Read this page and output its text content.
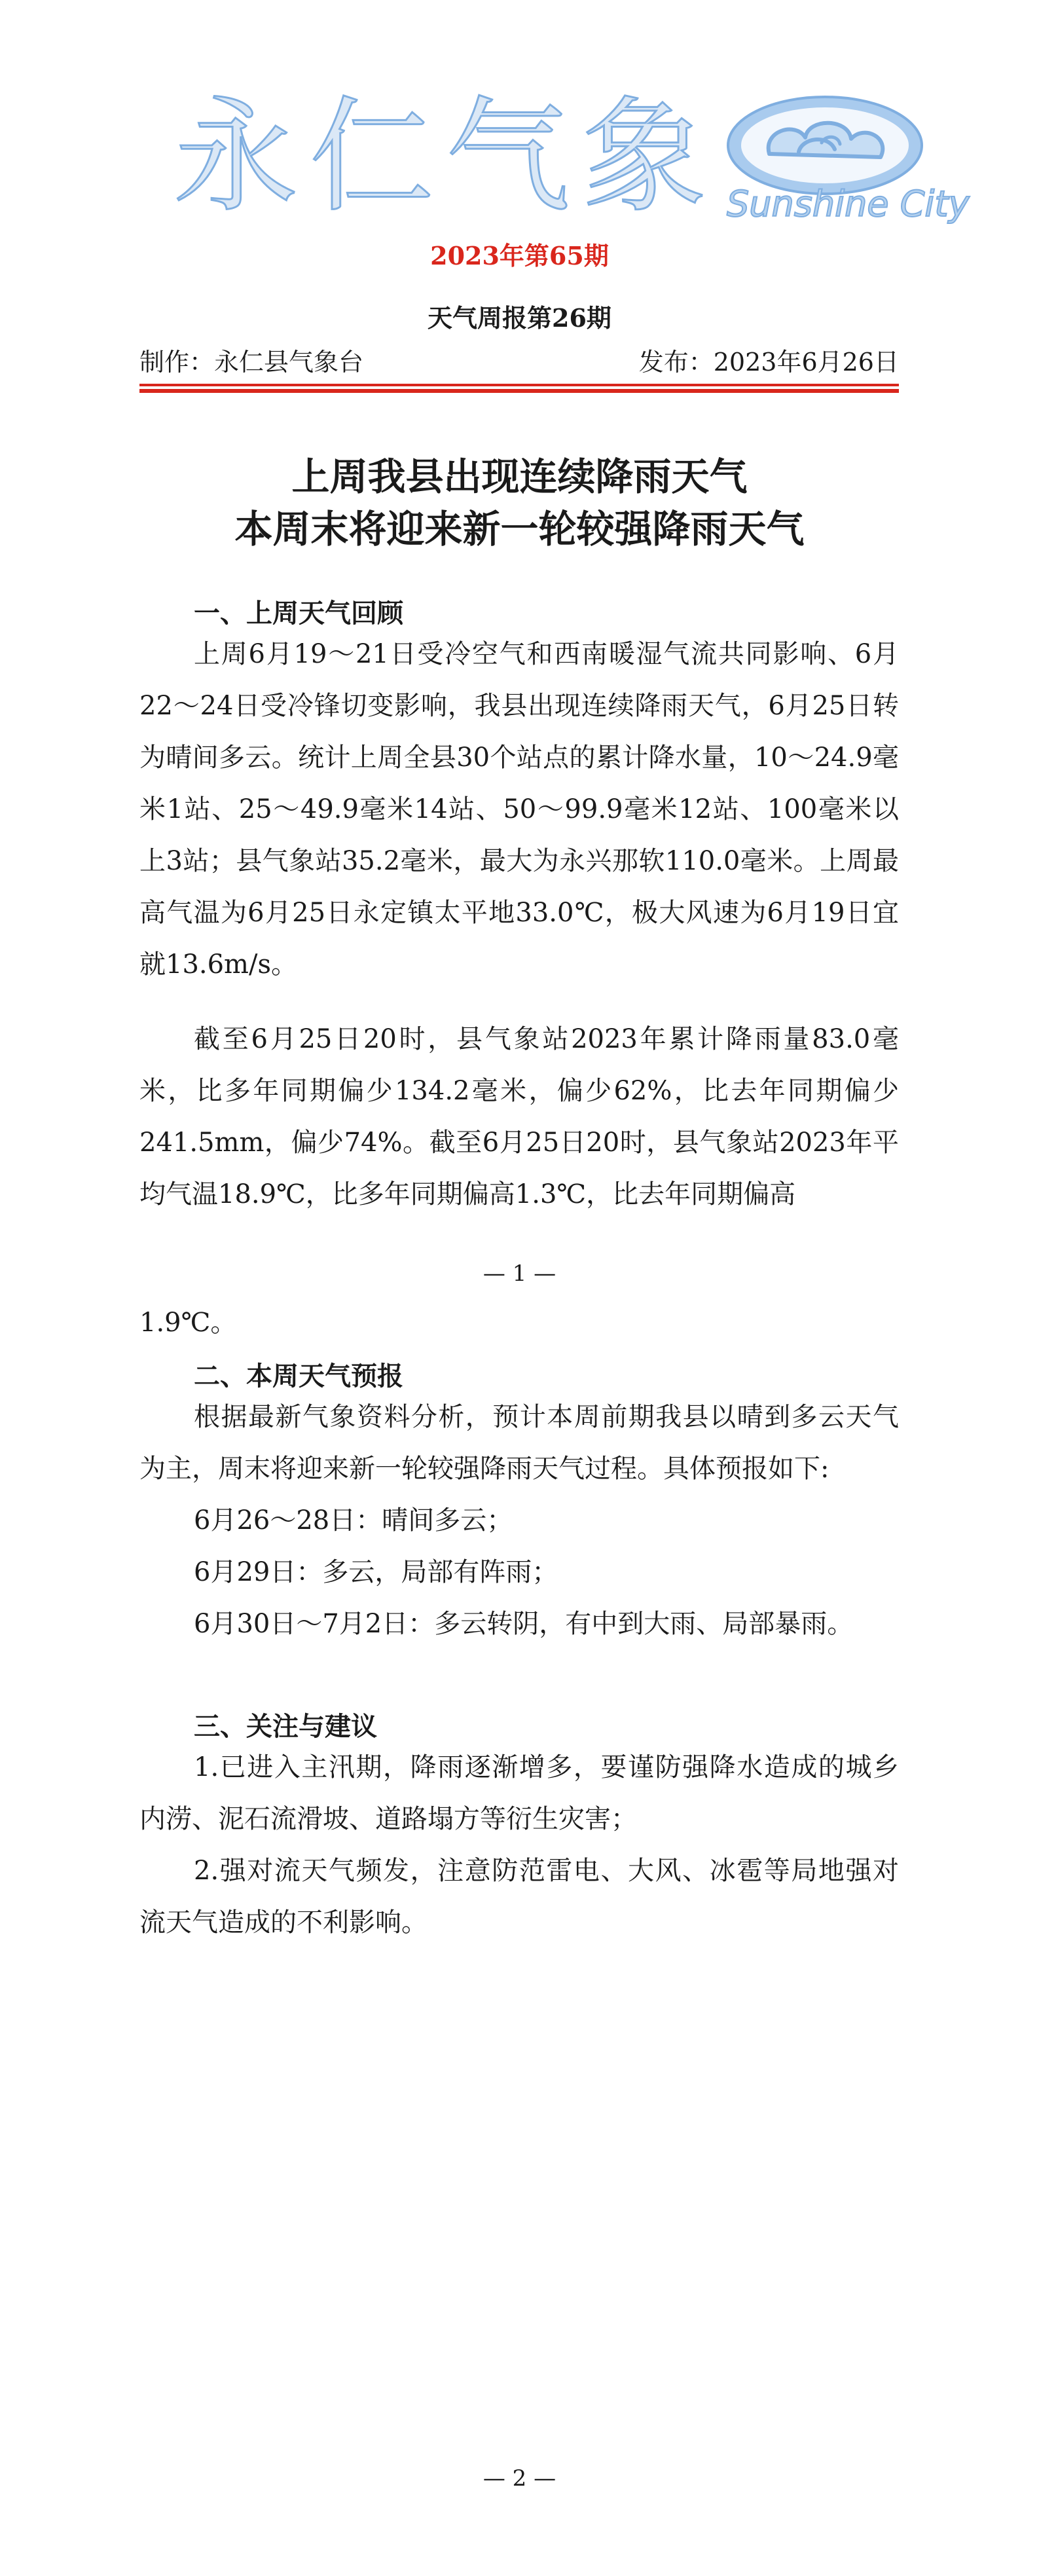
永仁气象 Sunshine City
2023年第65期
天气周报第26期
制作：永仁县气象台	发布：2023年6月26日
上周我县出现连续降雨天气
本周末将迎来新一轮较强降雨天气
一、上周天气回顾

上周6月19～21日受冷空气和西南暖湿气流共同影响、6月22～24日受冷锋切变影响，我县出现连续降雨天气，6月25日转为晴间多云。统计上周全县30个站点的累计降水量，10～24.9毫米1站、25～49.9毫米14站、50～99.9毫米12站、100毫米以上3站；县气象站35.2毫米，最大为永兴那软110.0毫米。上周最高气温为6月25日永定镇太平地33.0℃，极大风速为6月19日宜就13.6m/s。

截至6月25日20时，县气象站2023年累计降雨量83.0毫米，比多年同期偏少134.2毫米，偏少62%，比去年同期偏少241.5mm，偏少74%。截至6月25日20时，县气象站2023年平均气温18.9℃，比多年同期偏高1.3℃，比去年同期偏高

— 1 —

1.9℃。

二、本周天气预报

根据最新气象资料分析，预计本周前期我县以晴到多云天气为主，周末将迎来新一轮较强降雨天气过程。具体预报如下:

6月26～28日：晴间多云；

6月29日：多云，局部有阵雨；

6月30日～7月2日：多云转阴，有中到大雨、局部暴雨。

三、关注与建议

1.已进入主汛期，降雨逐渐增多，要谨防强降水造成的城乡内涝、泥石流滑坡、道路塌方等衍生灾害；

2.强对流天气频发，注意防范雷电、大风、冰雹等局地强对流天气造成的不利影响。

— 2 —
